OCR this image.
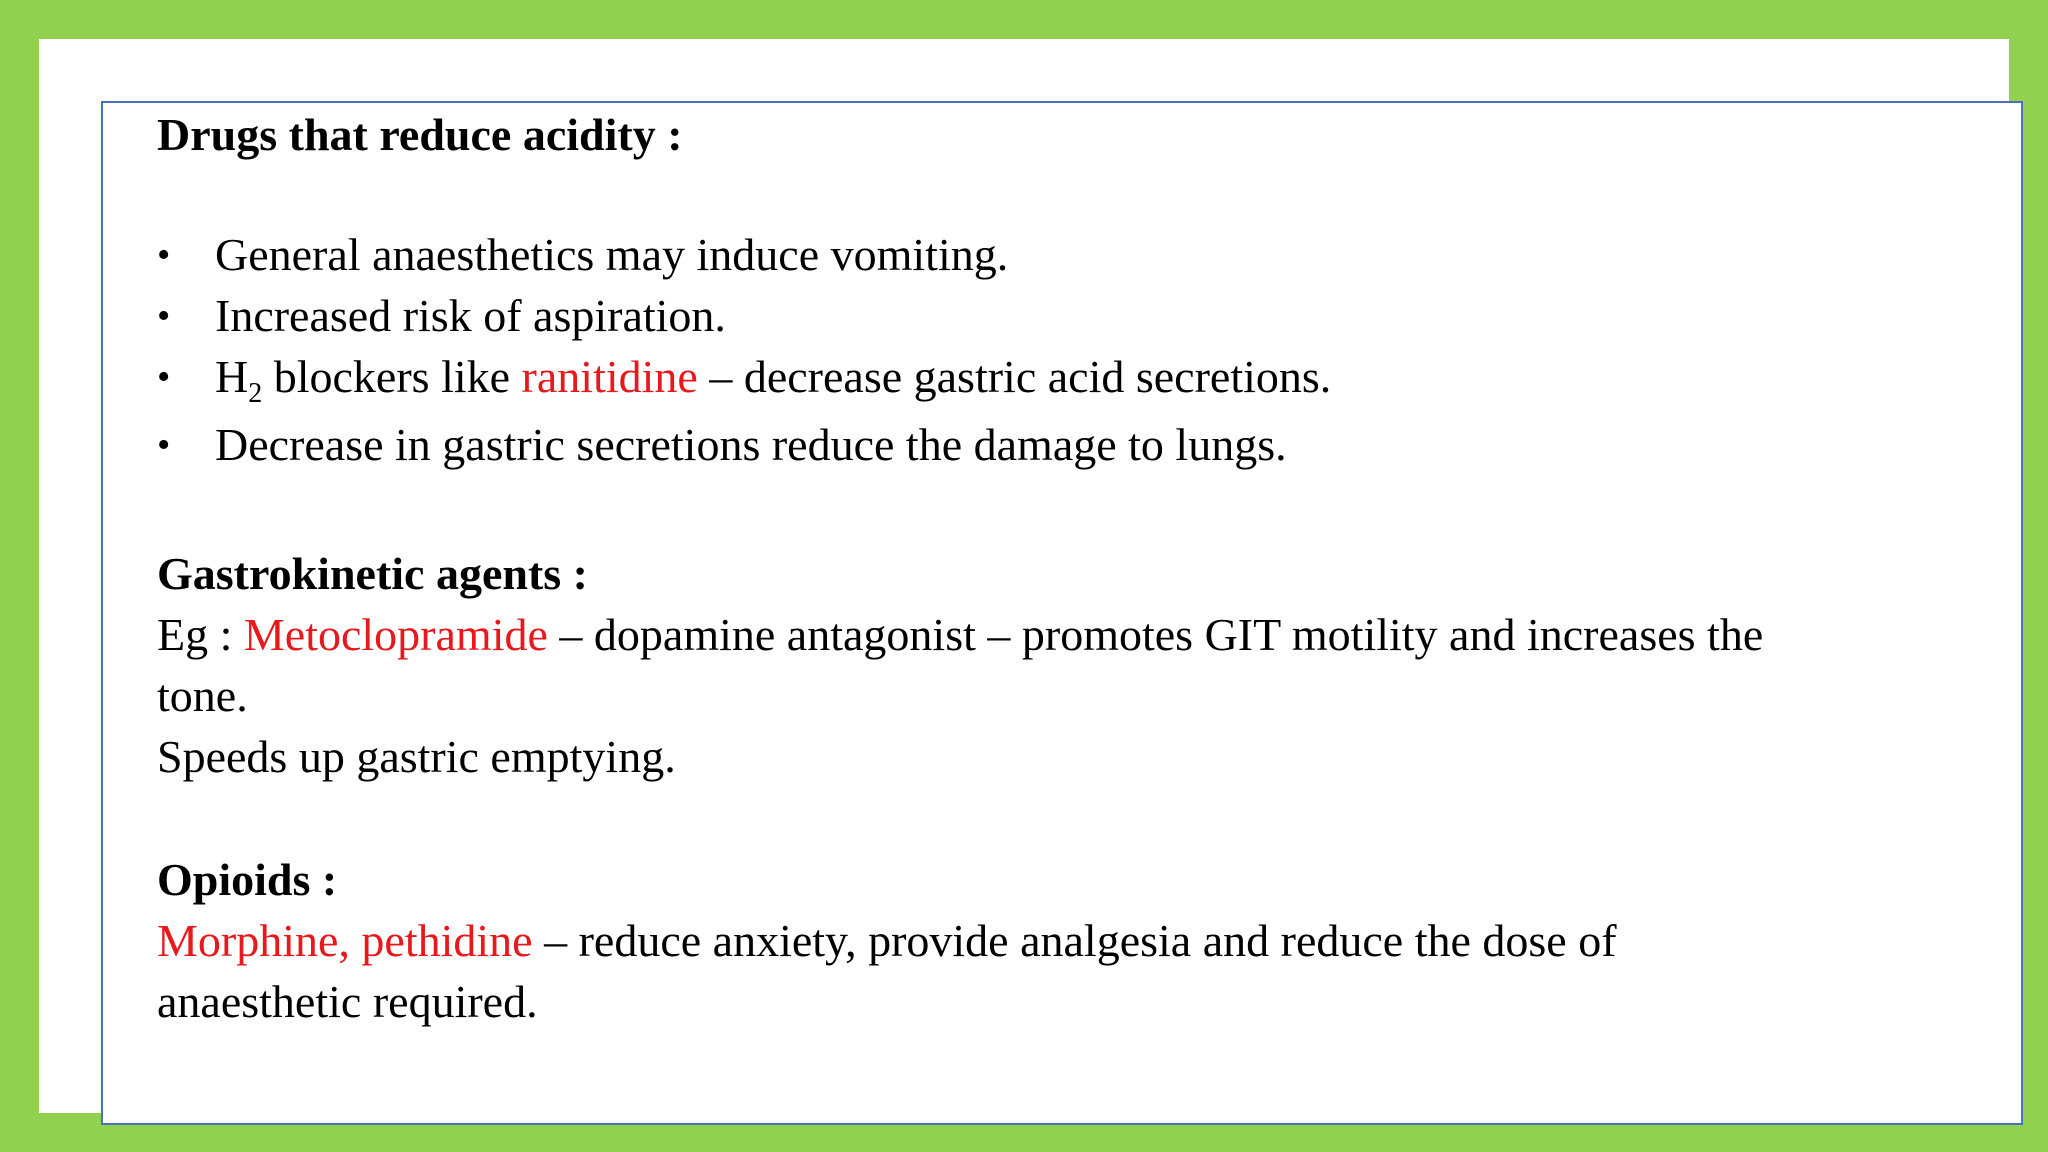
Drugs that reduce acidity :
• General anaesthetics may induce vomiting.
• Increased risk of aspiration.
• $H_2$ blockers like ranitidine – decrease gastric acid secretions.
• Decrease in gastric secretions reduce the damage to lungs.
Gastrokinetic agents :
Eg : Metoclopramide – dopamine antagonist – promotes GIT motility and increases the
tone.
Speeds up gastric emptying.
Opioids :
Morphine, pethidine – reduce anxiety, provide analgesia and reduce the dose of
anaesthetic required.
